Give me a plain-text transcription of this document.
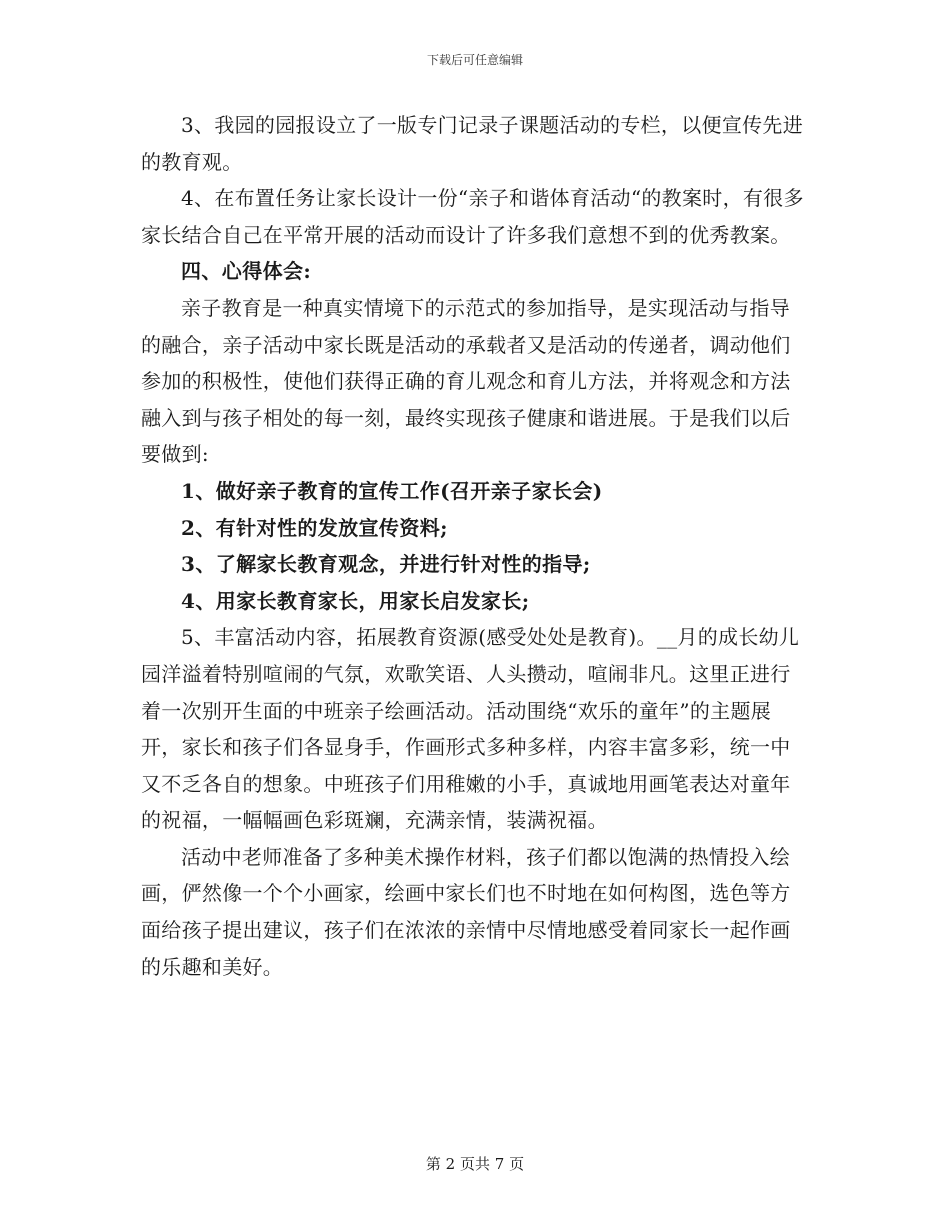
下载后可任意编辑

3、我园的园报设立了一版专门记录子课题活动的专栏，以便宣传先进的教育观。

4、在布置任务让家长设计一份“亲子和谐体育活动“的教案时，有很多家长结合自己在平常开展的活动而设计了许多我们意想不到的优秀教案。

四、心得体会:

亲子教育是一种真实情境下的示范式的参加指导，是实现活动与指导的融合，亲子活动中家长既是活动的承载者又是活动的传递者，调动他们参加的积极性，使他们获得正确的育儿观念和育儿方法，并将观念和方法融入到与孩子相处的每一刻，最终实现孩子健康和谐进展。于是我们以后要做到:

1、做好亲子教育的宣传工作(召开亲子家长会)

2、有针对性的发放宣传资料;

3、了解家长教育观念，并进行针对性的指导;

4、用家长教育家长，用家长启发家长;

5、丰富活动内容，拓展教育资源(感受处处是教育)。__月的成长幼儿园洋溢着特别喧闹的气氛，欢歌笑语、人头攒动，喧闹非凡。这里正进行着一次别开生面的中班亲子绘画活动。活动围绕“欢乐的童年”的主题展开，家长和孩子们各显身手，作画形式多种多样，内容丰富多彩，统一中又不乏各自的想象。中班孩子们用稚嫩的小手，真诚地用画笔表达对童年的祝福，一幅幅画色彩斑斓，充满亲情，装满祝福。

活动中老师准备了多种美术操作材料，孩子们都以饱满的热情投入绘画，俨然像一个个小画家，绘画中家长们也不时地在如何构图，选色等方面给孩子提出建议，孩子们在浓浓的亲情中尽情地感受着同家长一起作画的乐趣和美好。

第 2 页共 7 页
